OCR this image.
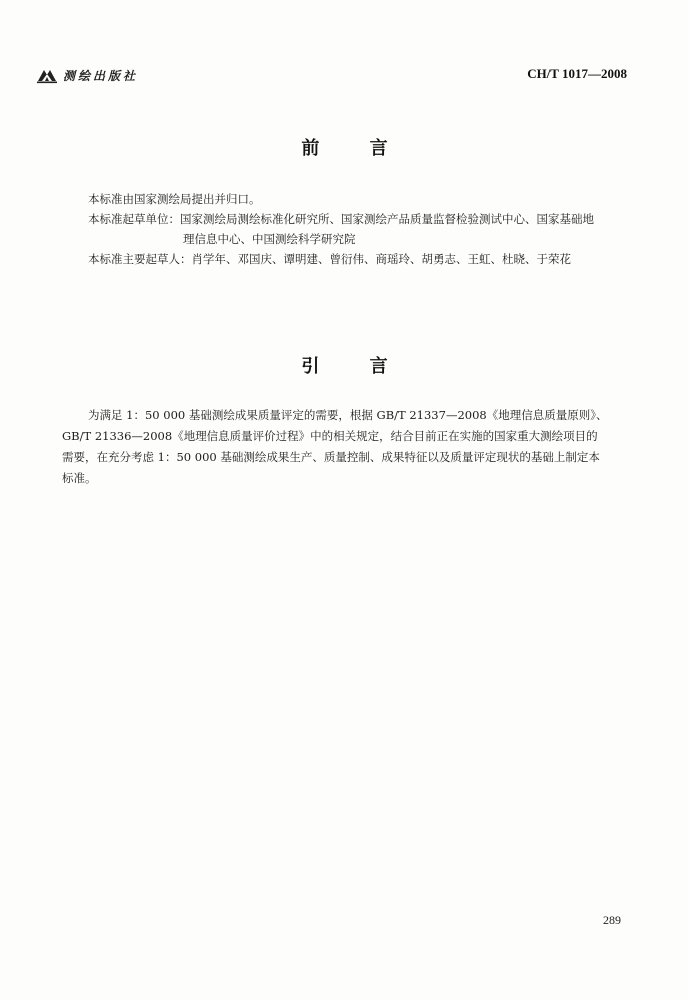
测绘出版社	CH/T 1017—2008
前 言
本标准由国家测绘局提出并归口。
本标准起草单位：国家测绘局测绘标准化研究所、国家测绘产品质量监督检验测试中心、国家基础地
理信息中心、中国测绘科学研究院
本标准主要起草人：肖学年、邓国庆、谭明建、曾衍伟、商瑶玲、胡勇志、王虹、杜晓、于荣花
引 言
为满足 1：50 000 基础测绘成果质量评定的需要，根据 GB/T 21337—2008《地理信息质量原则》、
GB/T 21336—2008《地理信息质量评价过程》中的相关规定，结合目前正在实施的国家重大测绘项目的
需要，在充分考虑 1：50 000 基础测绘成果生产、质量控制、成果特征以及质量评定现状的基础上制定本
标准。
289
